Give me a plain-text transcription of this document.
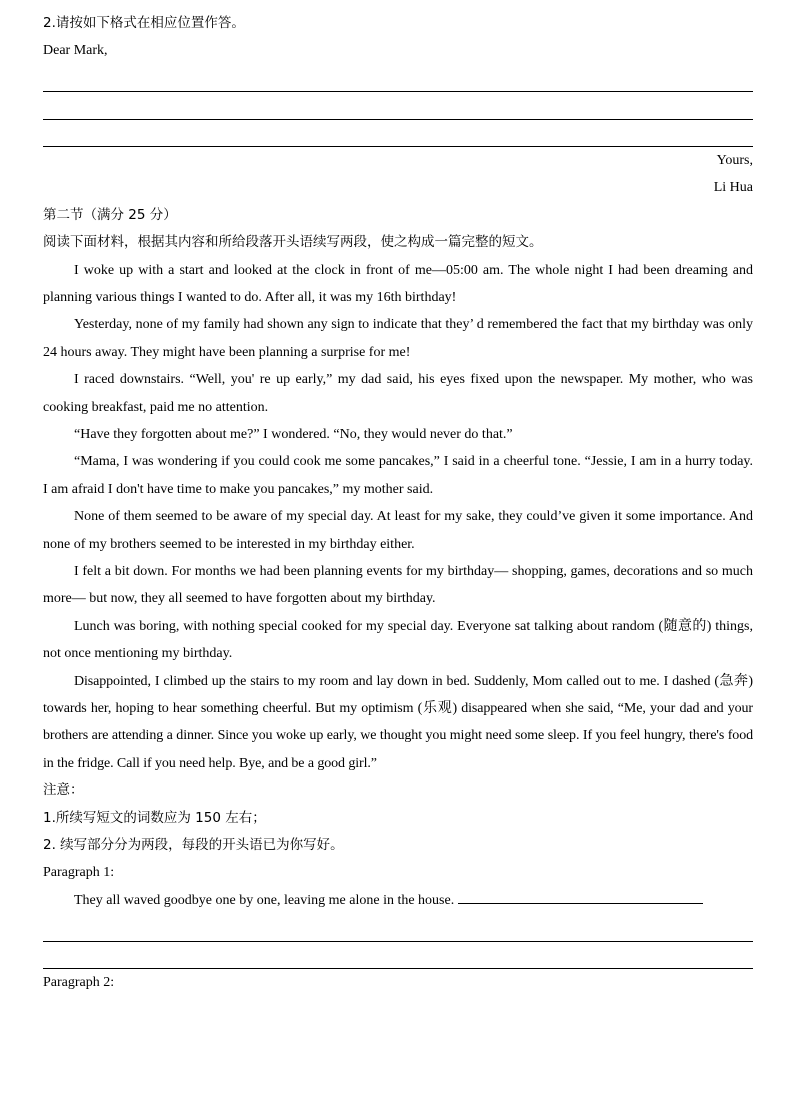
2.请按如下格式在相应位置作答。
Dear Mark,
Yours,
Li Hua
第二节（满分 25 分）
阅读下面材料，根据其内容和所给段落开头语续写两段，使之构成一篇完整的短文。
I woke up with a start and looked at the clock in front of me—05:00 am. The whole night I had been dreaming and planning various things I wanted to do. After all, it was my 16th birthday!
Yesterday, none of my family had shown any sign to indicate that they’ d remembered the fact that my birthday was only 24 hours away. They might have been planning a surprise for me!
I raced downstairs. “Well, you' re up early,” my dad said, his eyes fixed upon the newspaper. My mother, who was cooking breakfast, paid me no attention.
“Have they forgotten about me?” I wondered. “No, they would never do that.”
“Mama, I was wondering if you could cook me some pancakes,” I said in a cheerful tone. “Jessie, I am in a hurry today. I am afraid I don't have time to make you pancakes,” my mother said.
None of them seemed to be aware of my special day. At least for my sake, they could’ve given it some importance. And none of my brothers seemed to be interested in my birthday either.
I felt a bit down. For months we had been planning events for my birthday— shopping, games, decorations and so much more— but now, they all seemed to have forgotten about my birthday.
Lunch was boring, with nothing special cooked for my special day. Everyone sat talking about random (随意的) things, not once mentioning my birthday.
Disappointed, I climbed up the stairs to my room and lay down in bed. Suddenly, Mom called out to me. I dashed (急奔) towards her, hoping to hear something cheerful. But my optimism (乐观) disappeared when she said, “Me, your dad and your brothers are attending a dinner. Since you woke up early, we thought you might need some sleep. If you feel hungry, there's food in the fridge. Call if you need help. Bye, and be a good girl.”
注意：
1.所续写短文的词数应为 150 左右；
2. 续写部分分为两段，每段的开头语已为你写好。
Paragraph 1:
They all waved goodbye one by one, leaving me alone in the house.
Paragraph 2:
